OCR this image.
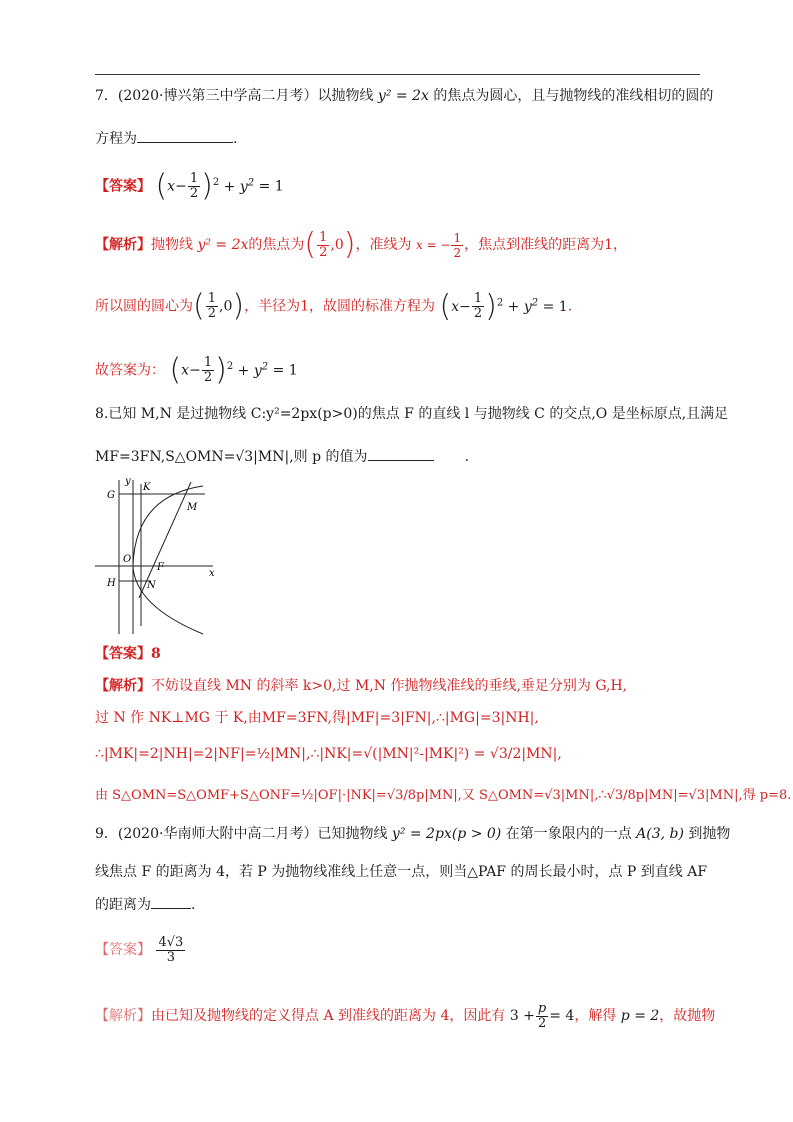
7．(2020·博兴第三中学高二月考）以抛物线 y² = 2x 的焦点为圆心，且与抛物线的准线相切的圆的
方程为	.
【答案】 $(x- \frac{1}{2} )^2 + y^2 = 1$
【解析】抛物线 y² = 2x的焦点为( $\frac{1}{2} ,0$)，准线为 x = − $\frac{1}{2}$ ，焦点到准线的距离为1，
所以圆的圆心为( $\frac{1}{2} ,0$)，半径为1，故圆的标准方程为 $(x- \frac{1}{2} )^2 + y^2 = 1$.
故答案为： $(x- \frac{1}{2} )^2 + y^2 = 1$
8.已知 M,N 是过抛物线 C:y²=2px(p>0)的焦点 F 的直线 l 与抛物线 C 的交点,O 是坐标原点,且满足
MF=3FN,S△OMN=√3|MN|,则 p 的值为	.
y
x
G
K
M
O
F
H	N
【答案】8
【解析】不妨设直线 MN 的斜率 k>0,过 M,N 作抛物线准线的垂线,垂足分别为 G,H,
过 N 作 NK⊥MG 于 K,由MF=3FN,得|MF|=3|FN|,∴|MG|=3|NH|,
∴|MK|=2|NH|=2|NF|=½|MN|,∴|NK|=√(|MN|²-|MK|²) = √3/2|MN|,
由 S△OMN=S△OMF+S△ONF=½|OF|·|NK|=√3/8p|MN|,又 S△OMN=√3|MN|,∴√3/8p|MN|=√3|MN|,得 p=8.
9．(2020·华南师大附中高二月考）已知抛物线 y² = 2px(p > 0) 在第一象限内的一点 A(3, b) 到抛物
线焦点 F 的距离为 4，若 P 为抛物线准线上任意一点，则当△PAF 的周长最小时，点 P 到直线 AF
的距离为	.
【答案】 $\frac{4√3}{3}$
【解析】由已知及抛物线的定义得点 A 到准线的距离为 4，因此有 $3 + \frac{p}{2} = 4$，解得 p = 2，故抛物
